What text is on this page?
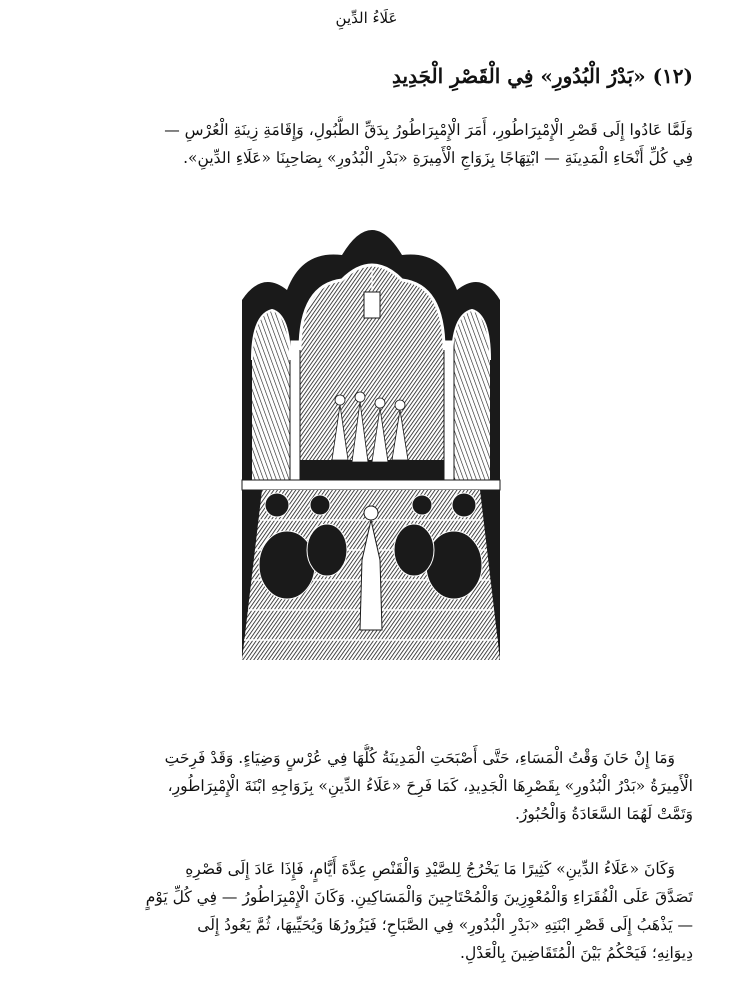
عَلَاءُ الدِّينِ
(١٢) «بَدْرُ الْبُدُورِ» فِي الْقَصْرِ الْجَدِيدِ
وَلَمَّا عَادُوا إِلَى قَصْرِ الْإِمْبِرَاطُورِ، أَمَرَ الْإِمْبِرَاطُورُ بِدَقِّ الطُّبُولِ، وَإِقَامَةِ زِينَةِ الْعُرْسِ —
فِي كُلِّ أَنْحَاءِ الْمَدِينَةِ — ابْتِهَاجًا بِزَوَاجِ الْأَمِيرَةِ «بَدْرِ الْبُدُورِ» بِصَاحِبِنَا «عَلَاءِ الدِّينِ».
وَمَا إِنْ حَانَ وَقْتُ الْمَسَاءِ، حَتَّى أَصْبَحَتِ الْمَدِينَةُ كُلُّهَا فِي عُرْسٍ وَضِيَاءٍ. وَقَدْ فَرِحَتِ
الْأَمِيرَةُ «بَدْرُ الْبُدُورِ» بِقَصْرِهَا الْجَدِيدِ، كَمَا فَرِحَ «عَلَاءُ الدِّينِ» بِزَوَاجِهِ ابْنَةَ الْإِمْبِرَاطُورِ،
وَتَمَّتْ لَهُمَا السَّعَادَةُ وَالْحُبُورُ.
وَكَانَ «عَلَاءُ الدِّينِ» كَثِيرًا مَا يَخْرُجُ لِلصَّيْدِ وَالْقَنْصِ عِدَّةَ أَيَّامٍ، فَإِذَا عَادَ إِلَى قَصْرِهِ
تَصَدَّقَ عَلَى الْفُقَرَاءِ وَالْمُعْوِزِينَ وَالْمُحْتَاجِينَ وَالْمَسَاكِينِ. وَكَانَ الْإِمْبِرَاطُورُ — فِي كُلِّ يَوْمٍ
— يَذْهَبُ إِلَى قَصْرِ ابْنَتِهِ «بَدْرِ الْبُدُورِ» فِي الصَّبَاحِ؛ فَيَزُورُهَا وَيُحَيِّيهَا، ثُمَّ يَعُودُ إِلَى
دِيوَانِهِ؛ فَيَحْكُمُ بَيْنَ الْمُتَقَاضِينَ بِالْعَدْلِ.
